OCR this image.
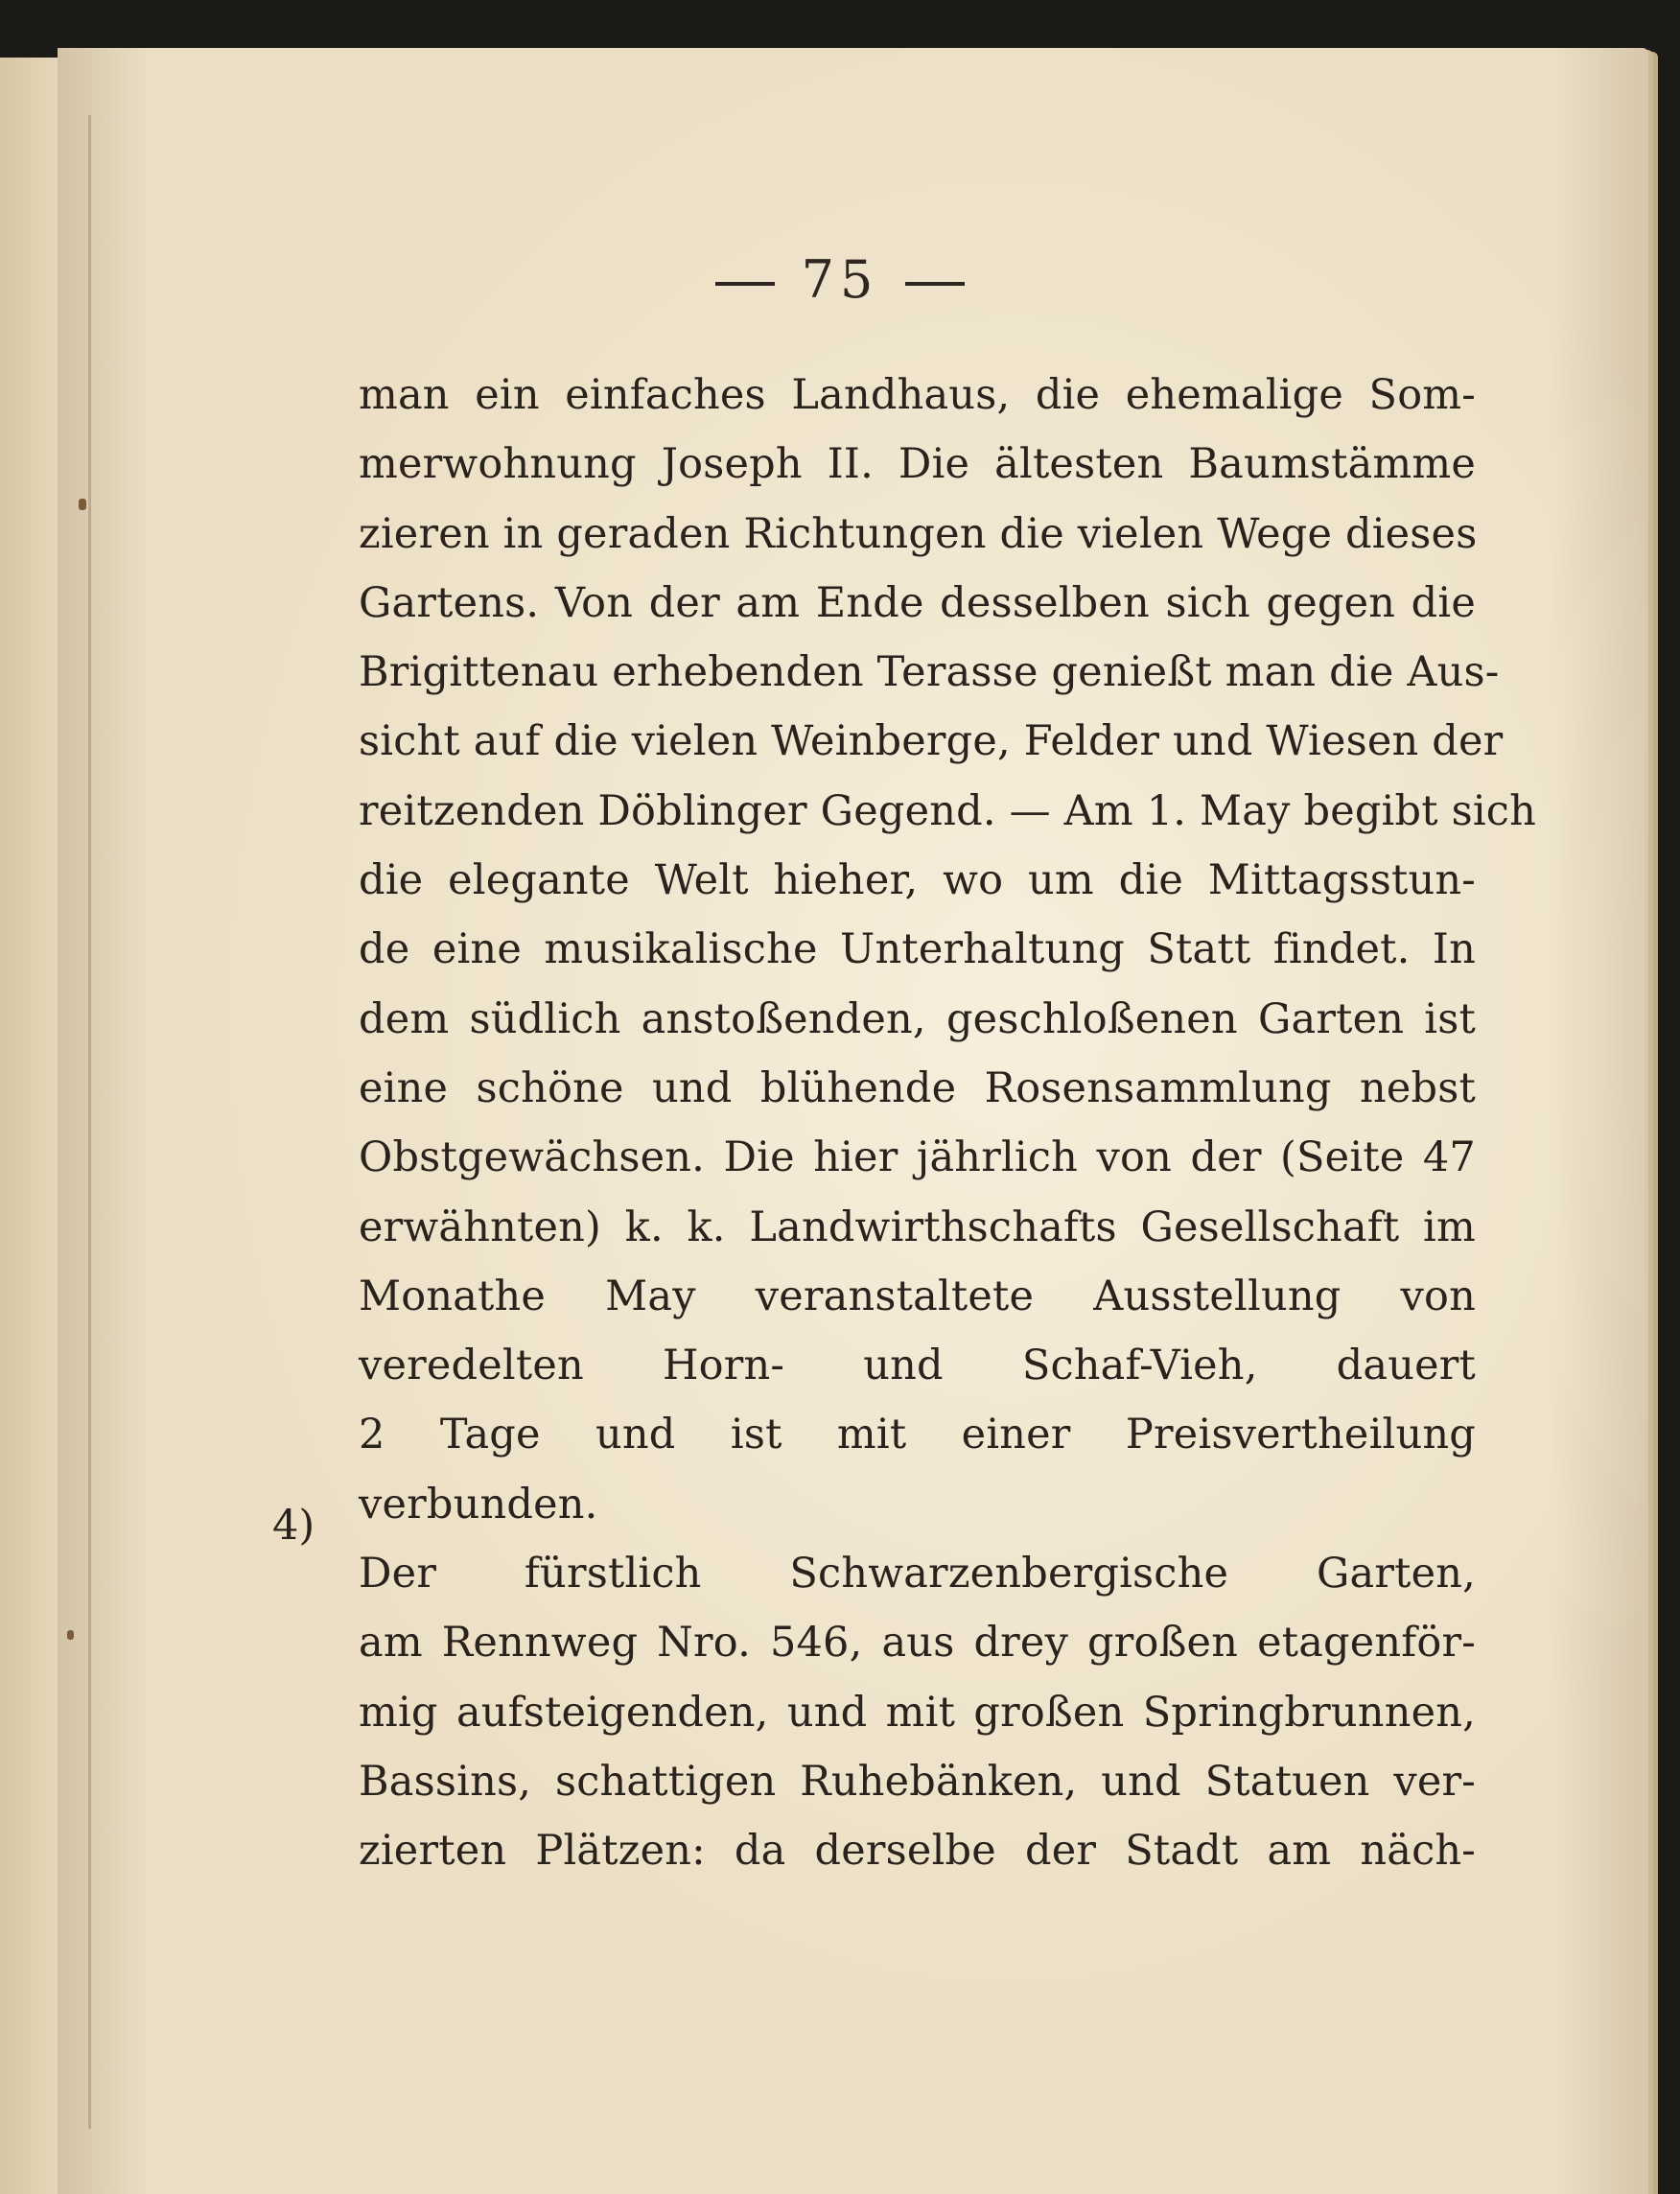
75
man ein einfaches Landhaus, die ehemalige Som-
merwohnung Joseph II. Die ältesten Baumstämme
zieren in geraden Richtungen die vielen Wege dieses
Gartens. Von der am Ende desselben sich gegen die
Brigittenau erhebenden Terasse genießt man die Aus-
sicht auf die vielen Weinberge, Felder und Wiesen der
reitzenden Döblinger Gegend. — Am 1. May begibt sich
die elegante Welt hieher, wo um die Mittagsstun-
de eine musikalische Unterhaltung Statt findet. In
dem südlich anstoßenden, geschloßenen Garten ist
eine schöne und blühende Rosensammlung nebst
Obstgewächsen. Die hier jährlich von der (Seite 47
erwähnten) k. k. Landwirthschafts Gesellschaft im
Monathe May veranstaltete Ausstellung von
veredelten Horn- und Schaf-Vieh, dauert
2 Tage und ist mit einer Preisvertheilung
verbunden.
Der fürstlich Schwarzenbergische Garten,
am Rennweg Nro. 546, aus drey großen etagenför-
mig aufsteigenden, und mit großen Springbrunnen,
Bassins, schattigen Ruhebänken, und Statuen ver-
zierten Plätzen: da derselbe der Stadt am näch-
4)
